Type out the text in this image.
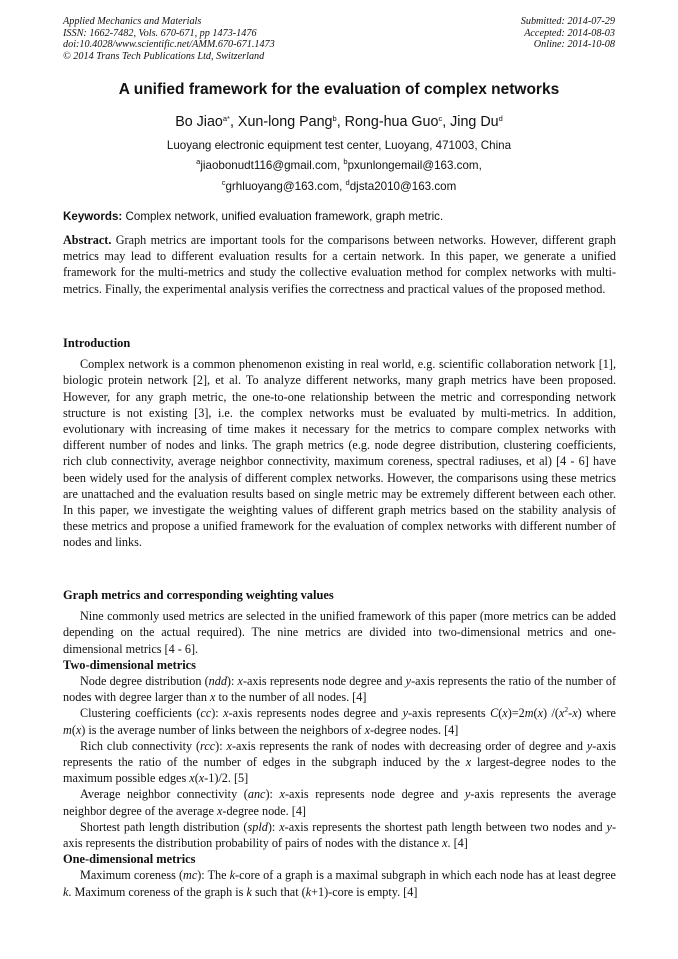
Applied Mechanics and Materials
ISSN: 1662-7482, Vols. 670-671, pp 1473-1476
doi:10.4028/www.scientific.net/AMM.670-671.1473
© 2014 Trans Tech Publications Ltd, Switzerland
Submitted: 2014-07-29
Accepted: 2014-08-03
Online: 2014-10-08
A unified framework for the evaluation of complex networks
Bo Jiao$^{a*}$, Xun-long Pang$^b$, Rong-hua Guo$^c$, Jing Du$^d$
Luoyang electronic equipment test center, Luoyang, 471003, China
$^a$jiaobonudt116@gmail.com, $^b$pxunlongemail@163.com,
$^c$grhluoyang@163.com, $^d$djsta2010@163.com
Keywords: Complex network, unified evaluation framework, graph metric.

Abstract. Graph metrics are important tools for the comparisons between networks. However, different graph metrics may lead to different evaluation results for a certain network. In this paper, we generate a unified framework for the multi-metrics and study the collective evaluation method for complex networks with multi-metrics. Finally, the experimental analysis verifies the correctness and practical values of the proposed method.

Introduction

Complex network is a common phenomenon existing in real world, e.g. scientific collaboration network [1], biologic protein network [2], et al. To analyze different networks, many graph metrics have been proposed. However, for any graph metric, the one-to-one relationship between the metric and corresponding network structure is not existing [3], i.e. the complex networks must be evaluated by multi-metrics. In addition, evolutionary with increasing of time makes it necessary for the metrics to compare complex networks with different number of nodes and links. The graph metrics (e.g. node degree distribution, clustering coefficients, rich club connectivity, average neighbor connectivity, maximum coreness, spectral radiuses, et al) [4 - 6] have been widely used for the analysis of different complex networks. However, the comparisons using these metrics are unattached and the evaluation results based on single metric may be extremely different between each other. In this paper, we investigate the weighting values of different graph metrics based on the stability analysis of these metrics and propose a unified framework for the evaluation of complex networks with different number of nodes and links.

Graph metrics and corresponding weighting values

Nine commonly used metrics are selected in the unified framework of this paper (more metrics can be added depending on the actual required). The nine metrics are divided into two-dimensional metrics and one-dimensional metrics [4 - 6].

Two-dimensional metrics

Node degree distribution (ndd): x-axis represents node degree and y-axis represents the ratio of the number of nodes with degree larger than x to the number of all nodes. [4]

Clustering coefficients (cc): x-axis represents nodes degree and y-axis represents C(x)=2m(x) $/(x^2-x)$ where m(x) is the average number of links between the neighbors of x-degree nodes. [4]

Rich club connectivity (rcc): x-axis represents the rank of nodes with decreasing order of degree and y-axis represents the ratio of the number of edges in the subgraph induced by the x largest-degree nodes to the maximum possible edges x(x-1)/2. [5]

Average neighbor connectivity (anc): x-axis represents node degree and y-axis represents the average neighbor degree of the average x-degree node. [4]

Shortest path length distribution (spld): x-axis represents the shortest path length between two nodes and y-axis represents the distribution probability of pairs of nodes with the distance x. [4]

One-dimensional metrics

Maximum coreness (mc): The k-core of a graph is a maximal subgraph in which each node has at least degree k. Maximum coreness of the graph is k such that (k+1)-core is empty. [4]
